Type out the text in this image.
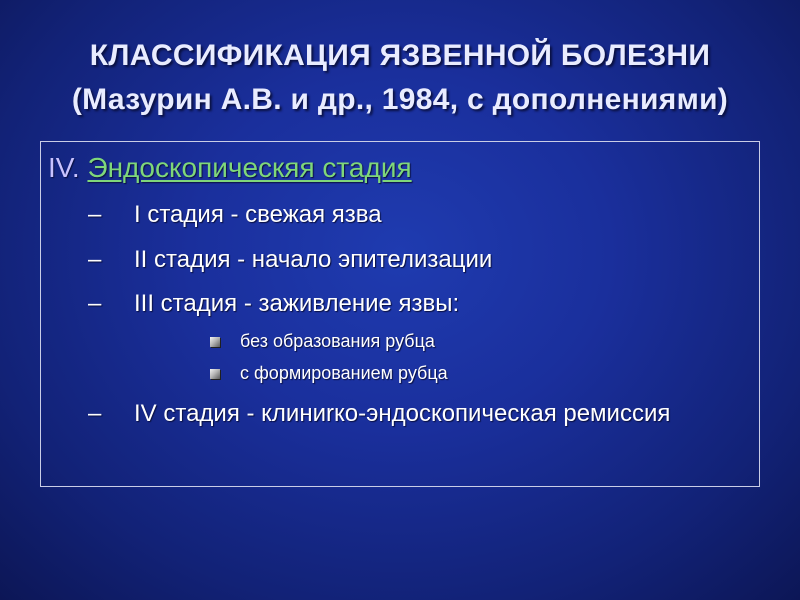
КЛАССИФИКАЦИЯ ЯЗВЕННОЙ БОЛЕЗНИ
(Мазурин А.В. и др., 1984, с дополнениями)
IV. Эндоскопическяя стадия
– I стадия - свежая язва
– II стадия - начало эпителизации
– III стадия - заживление язвы:
без образования рубца
с формированием рубца
– IV стадия - клиниrко-эндоскопическая ремиссия
